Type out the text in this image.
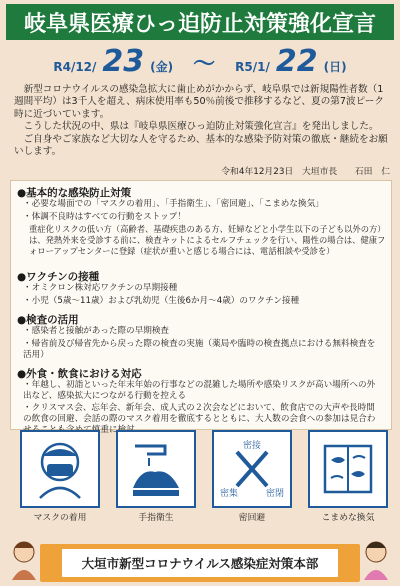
岐阜県医療ひっ迫防止対策強化宣言
R4/12/ 23 (金) 〜 R5/1/ 22 (日)

新型コロナウイルスの感染急拡大に歯止めがかからず、岐阜県では新規陽性者数（1週間平均）は3千人を超え、病床使用率も50％前後で推移するなど、夏の第7波ピーク時に近づいています。

こうした状況の中、県は『岐阜県医療ひっ迫防止対策強化宣言』を発出しました。

ご自身やご家族など大切な人を守るため、基本的な感染予防対策の徹底・継続をお願いします。

令和4年12月23日　大垣市長　　石田　仁
●基本的な感染防止対策
・必要な場面での「マスクの着用」、「手指衛生」、「密回避」、「こまめな換気」
・体調不良時はすべての行動をストップ！
重症化リスクの低い方（高齢者、基礎疾患のある方、妊婦などと小学生以下の子ども以外の方）は、発熱外来を受診する前に、検査キットによるセルフチェックを行い、陽性の場合は、健康フォローアップセンターに登録（症状が重いと感じる場合には、電話相談や受診を）
●ワクチンの接種
・オミクロン株対応ワクチンの早期接種
・小児（5歳〜11歳）および乳幼児（生後6か月〜4歳）のワクチン接種
●検査の活用
・感染者と接触があった際の早期検査
・帰省前及び帰省先から戻った際の検査の実施（薬局や臨時の検査拠点における無料検査を活用）
●外食・飲食における対応
・年越し、初詣といった年末年始の行事などの混雑した場所や感染リスクが高い場所への外出など、感染拡大につながる行動を控える
・クリスマス会、忘年会、新年会、成人式の２次会などにおいて、飲食店での大声や長時間の飲食の回避、会話の際のマスク着用を徹底するとともに、大人数の会食への参加は見合わ て慎重に検討
マスクの着用	手指衛生
密接
密集	密閉
密回避	こまめな換気
大垣市新型コロナウイルス感染症対策本部
